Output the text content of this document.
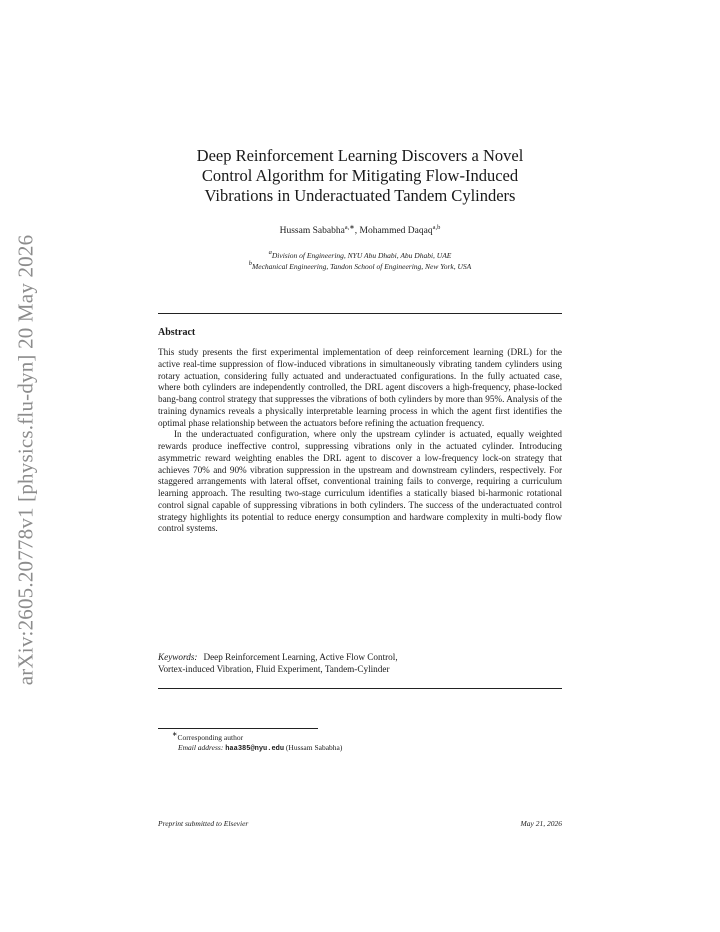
arXiv:2605.20778v1 [physics.flu-dyn] 20 May 2026
Deep Reinforcement Learning Discovers a Novel
Control Algorithm for Mitigating Flow-Induced
Vibrations in Underactuated Tandem Cylinders
Hussam Sababha$^{a,∗}$, Mohammed Daqaq$^{a,b}$
$^a$Division of Engineering, NYU Abu Dhabi, Abu Dhabi, UAE
$^b$Mechanical Engineering, Tandon School of Engineering, New York, USA
Abstract

This study presents the first experimental implementation of deep reinforcement learning (DRL) for the active real-time suppression of flow-induced vibrations in simultaneously vibrating tandem cylinders using rotary actuation, considering fully actuated and underactuated configurations. In the fully actuated case, where both cylinders are independently controlled, the DRL agent discovers a high-frequency, phase-locked bang-bang control strategy that suppresses the vibrations of both cylinders by more than 95%. Analysis of the training dynamics reveals a physically interpretable learning process in which the agent first identifies the optimal phase relationship between the actuators before refining the actuation frequency.

In the underactuated configuration, where only the upstream cylinder is actuated, equally weighted rewards produce ineffective control, suppressing vibrations only in the actuated cylinder. Introducing asymmetric reward weighting enables the DRL agent to discover a low-frequency lock-on strategy that achieves 70% and 90% vibration suppression in the upstream and downstream cylinders, respectively. For staggered arrangements with lateral offset, conventional training fails to converge, requiring a curriculum learning approach. The resulting two-stage curriculum identifies a statically biased bi-harmonic rotational control signal capable of suppressing vibrations in both cylinders. The success of the underactuated control strategy highlights its potential to reduce energy consumption and hardware complexity in multi-body flow control systems.

Keywords: Deep Reinforcement Learning, Active Flow Control,
Vortex-induced Vibration, Fluid Experiment, Tandem-Cylinder
∗Corresponding author
Email address: haa385@nyu.edu (Hussam Sababha)
Preprint submitted to Elsevier	May 21, 2026
